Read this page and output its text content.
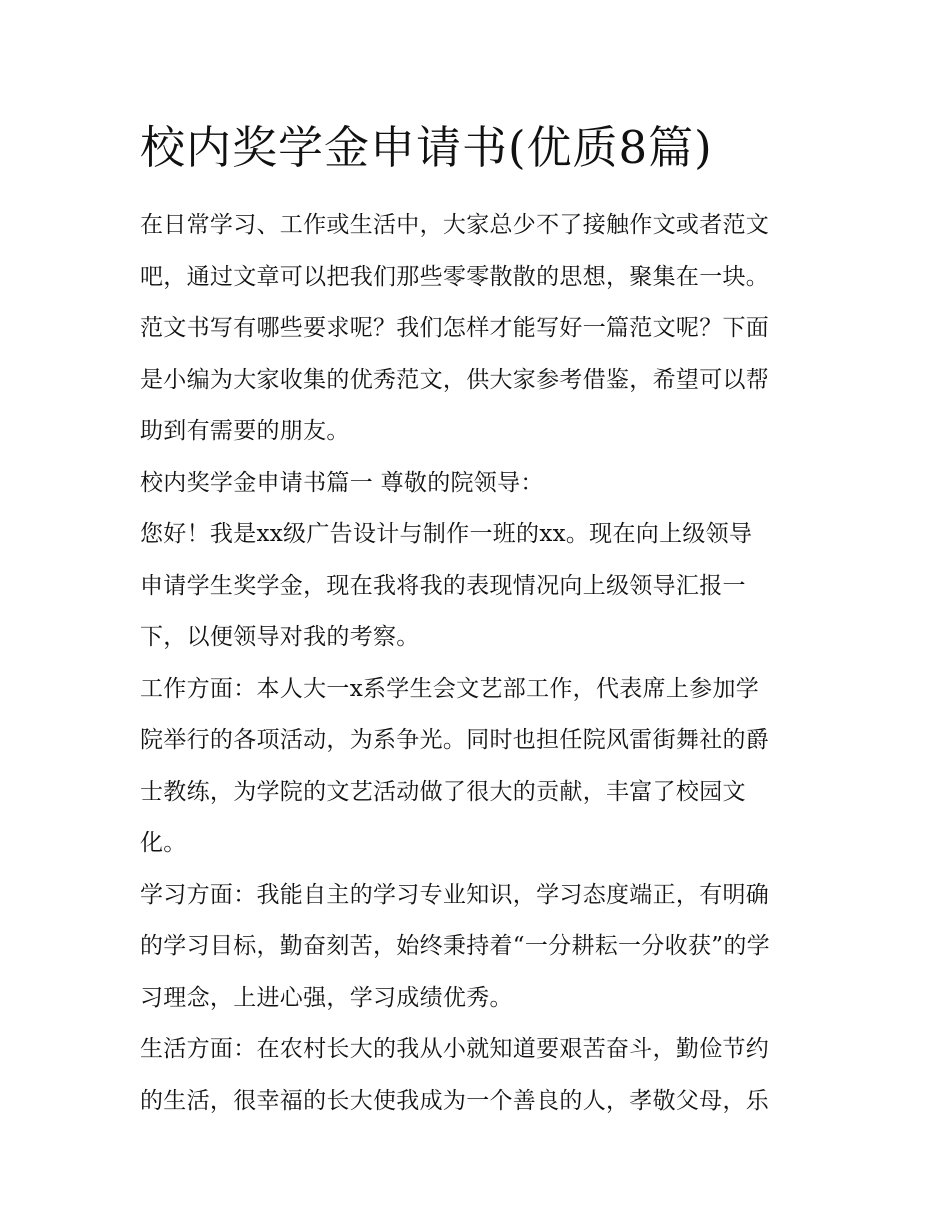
校内奖学金申请书(优质8篇)

在日常学习、工作或生活中，大家总少不了接触作文或者范文
吧，通过文章可以把我们那些零零散散的思想，聚集在一块。
范文书写有哪些要求呢？我们怎样才能写好一篇范文呢？下面
是小编为大家收集的优秀范文，供大家参考借鉴，希望可以帮
助到有需要的朋友。

校内奖学金申请书篇一 尊敬的院领导：

您好！我是xx级广告设计与制作一班的xx。现在向上级领导
申请学生奖学金，现在我将我的表现情况向上级领导汇报一
下，以便领导对我的考察。

工作方面：本人大一x系学生会文艺部工作，代表席上参加学
院举行的各项活动，为系争光。同时也担任院风雷街舞社的爵
士教练，为学院的文艺活动做了很大的贡献，丰富了校园文
化。

学习方面：我能自主的学习专业知识，学习态度端正，有明确
的学习目标，勤奋刻苦，始终秉持着“一分耕耘一分收获”的学
习理念，上进心强，学习成绩优秀。

生活方面：在农村长大的我从小就知道要艰苦奋斗，勤俭节约
的生活，很幸福的长大使我成为一个善良的人，孝敬父母，乐
